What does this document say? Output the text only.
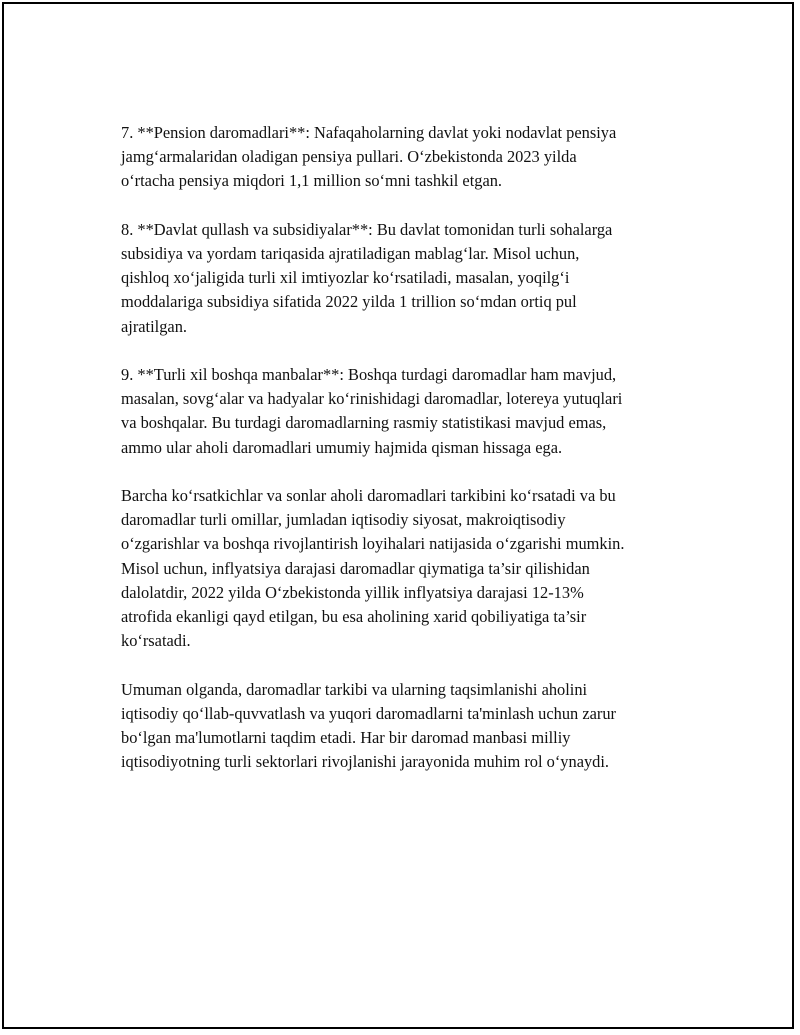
7. **Pension daromadlari**: Nafaqaholarning davlat yoki nodavlat pensiya
jamg‘armalaridan oladigan pensiya pullari. O‘zbekistonda 2023 yilda
o‘rtacha pensiya miqdori 1,1 million so‘mni tashkil etgan.

8. **Davlat qullash va subsidiyalar**: Bu davlat tomonidan turli sohalarga
subsidiya va yordam tariqasida ajratiladigan mablag‘lar. Misol uchun,
qishloq xo‘jaligida turli xil imtiyozlar ko‘rsatiladi, masalan, yoqilg‘i
moddalariga subsidiya sifatida 2022 yilda 1 trillion so‘mdan ortiq pul
ajratilgan.

9. **Turli xil boshqa manbalar**: Boshqa turdagi daromadlar ham mavjud,
masalan, sovg‘alar va hadyalar ko‘rinishidagi daromadlar, lotereya yutuqlari
va boshqalar. Bu turdagi daromadlarning rasmiy statistikasi mavjud emas,
ammo ular aholi daromadlari umumiy hajmida qisman hissaga ega.

Barcha ko‘rsatkichlar va sonlar aholi daromadlari tarkibini ko‘rsatadi va bu
daromadlar turli omillar, jumladan iqtisodiy siyosat, makroiqtisodiy
o‘zgarishlar va boshqa rivojlantirish loyihalari natijasida o‘zgarishi mumkin.
Misol uchun, inflyatsiya darajasi daromadlar qiymatiga ta’sir qilishidan
dalolatdir, 2022 yilda O‘zbekistonda yillik inflyatsiya darajasi 12-13%
atrofida ekanligi qayd etilgan, bu esa aholining xarid qobiliyatiga ta’sir
ko‘rsatadi.

Umuman olganda, daromadlar tarkibi va ularning taqsimlanishi aholini
iqtisodiy qo‘llab-quvvatlash va yuqori daromadlarni ta'minlash uchun zarur
bo‘lgan ma'lumotlarni taqdim etadi. Har bir daromad manbasi milliy
iqtisodiyotning turli sektorlari rivojlanishi jarayonida muhim rol o‘ynaydi.
